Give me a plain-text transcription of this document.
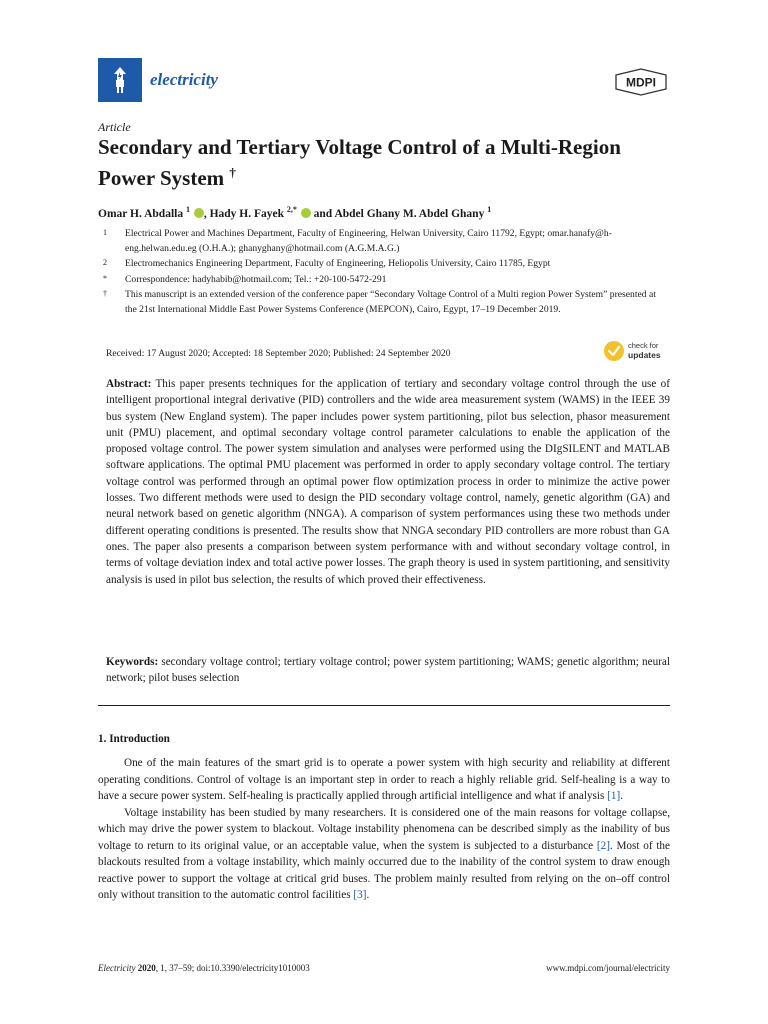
electricity	MDPI
Article
Secondary and Tertiary Voltage Control of a Multi-Region Power System †
Omar H. Abdalla $^1$ , Hady H. Fayek $^{2,*}$  and Abdel Ghany M. Abdel Ghany $^1$
1 Electrical Power and Machines Department, Faculty of Engineering, Helwan University, Cairo 11792, Egypt; omar.hanafy@h-eng.helwan.edu.eg (O.H.A.); ghanyghany@hotmail.com (A.G.M.A.G.)
2 Electromechanics Engineering Department, Faculty of Engineering, Heliopolis University, Cairo 11785, Egypt
* Correspondence: hadyhabib@hotmail.com; Tel.: +20-100-5472-291
† This manuscript is an extended version of the conference paper “Secondary Voltage Control of a Multi region Power System” presented at the 21st International Middle East Power Systems Conference (MEPCON), Cairo, Egypt, 17–19 December 2019.
Received: 17 August 2020; Accepted: 18 September 2020; Published: 24 September 2020
check for
updates
Abstract: This paper presents techniques for the application of tertiary and secondary voltage control through the use of intelligent proportional integral derivative (PID) controllers and the wide area measurement system (WAMS) in the IEEE 39 bus system (New England system). The paper includes power system partitioning, pilot bus selection, phasor measurement unit (PMU) placement, and optimal secondary voltage control parameter calculations to enable the application of the proposed voltage control. The power system simulation and analyses were performed using the DIgSILENT and MATLAB software applications. The optimal PMU placement was performed in order to apply secondary voltage control. The tertiary voltage control was performed through an optimal power flow optimization process in order to minimize the active power losses. Two different methods were used to design the PID secondary voltage control, namely, genetic algorithm (GA) and neural network based on genetic algorithm (NNGA). A comparison of system performances using these two methods under different operating conditions is presented. The results show that NNGA secondary PID controllers are more robust than GA ones. The paper also presents a comparison between system performance with and without secondary voltage control, in terms of voltage deviation index and total active power losses. The graph theory is used in system partitioning, and sensitivity analysis is used in pilot bus selection, the results of which proved their effectiveness.
Keywords: secondary voltage control; tertiary voltage control; power system partitioning; WAMS; genetic algorithm; neural network; pilot buses selection
1. Introduction

One of the main features of the smart grid is to operate a power system with high security and reliability at different operating conditions. Control of voltage is an important step in order to reach a highly reliable grid. Self-healing is a way to have a secure power system. Self-healing is practically applied through artificial intelligence and what if analysis [1].

Voltage instability has been studied by many researchers. It is considered one of the main reasons for voltage collapse, which may drive the power system to blackout. Voltage instability phenomena can be described simply as the inability of bus voltage to return to its original value, or an acceptable value, when the system is subjected to a disturbance [2]. Most of the blackouts resulted from a voltage instability, which mainly occurred due to the inability of the control system to draw enough reactive power to support the voltage at critical grid buses. The problem mainly resulted from relying on the on–off control only without transition to the automatic control facilities [3].

Electricity 2020, 1, 37–59; doi:10.3390/electricity1010003	www.mdpi.com/journal/electricity
